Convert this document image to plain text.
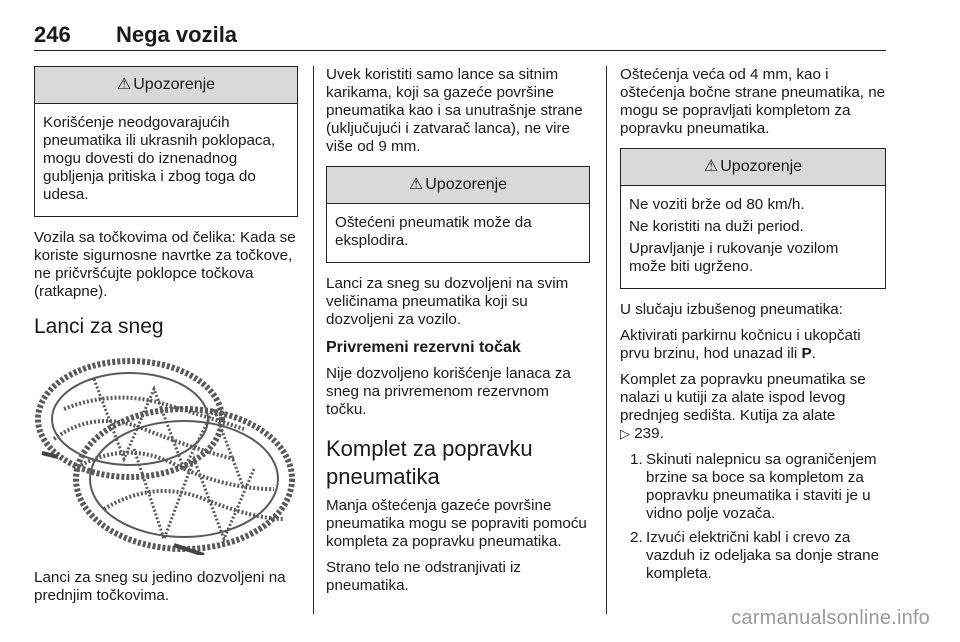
246 Nega vozila
⚠ Upozorenje

Korišćenje neodgovarajućih pneumatika ili ukrasnih poklopaca, mogu dovesti do iznenadnog gubljenja pritiska i zbog toga do udesa.

Vozila sa točkovima od čelika: Kada se koriste sigurnosne navrtke za točkove, ne pričvršćujte poklopce točkova (ratkapne).

Lanci za sneg

Lanci za sneg su jedino dozvoljeni na prednjim točkovima.

Uvek koristiti samo lance sa sitnim karikama, koji sa gazeće površine pneumatika kao i sa unutrašnje strane (uključujući i zatvarač lanca), ne vire više od 9 mm.

⚠ Upozorenje

Oštećeni pneumatik može da eksplodira.

Lanci za sneg su dozvoljeni na svim veličinama pneumatika koji su dozvoljeni za vozilo.

Privremeni rezervni točak

Nije dozvoljeno korišćenje lanaca za sneg na privremenom rezervnom točku.

Komplet za popravku pneumatika

Manja oštećenja gazeće površine pneumatika mogu se popraviti pomoću kompleta za popravku pneumatika.

Strano telo ne odstranjivati iz pneumatika.

Oštećenja veća od 4 mm, kao i oštećenja bočne strane pneumatika, ne mogu se popravljati kompletom za popravku pneumatika.

⚠ Upozorenje

Ne voziti brže od 80 km/h.

Ne koristiti na duži period.

Upravljanje i rukovanje vozilom može biti ugrženo.

U slučaju izbušenog pneumatika:

Aktivirati parkirnu kočnicu i ukopčati prvu brzinu, hod unazad ili P.

Komplet za popravku pneumatika se nalazi u kutiji za alate ispod levog prednjeg sedišta. Kutija za alate
▷ 239.

1. Skinuti nalepnicu sa ograničenjem brzine sa boce sa kompletom za popravku pneumatika i staviti je u vidno polje vozača.
2. Izvući električni kabl i crevo za vazduh iz odeljaka sa donje strane kompleta.
carmanualsonline.info
